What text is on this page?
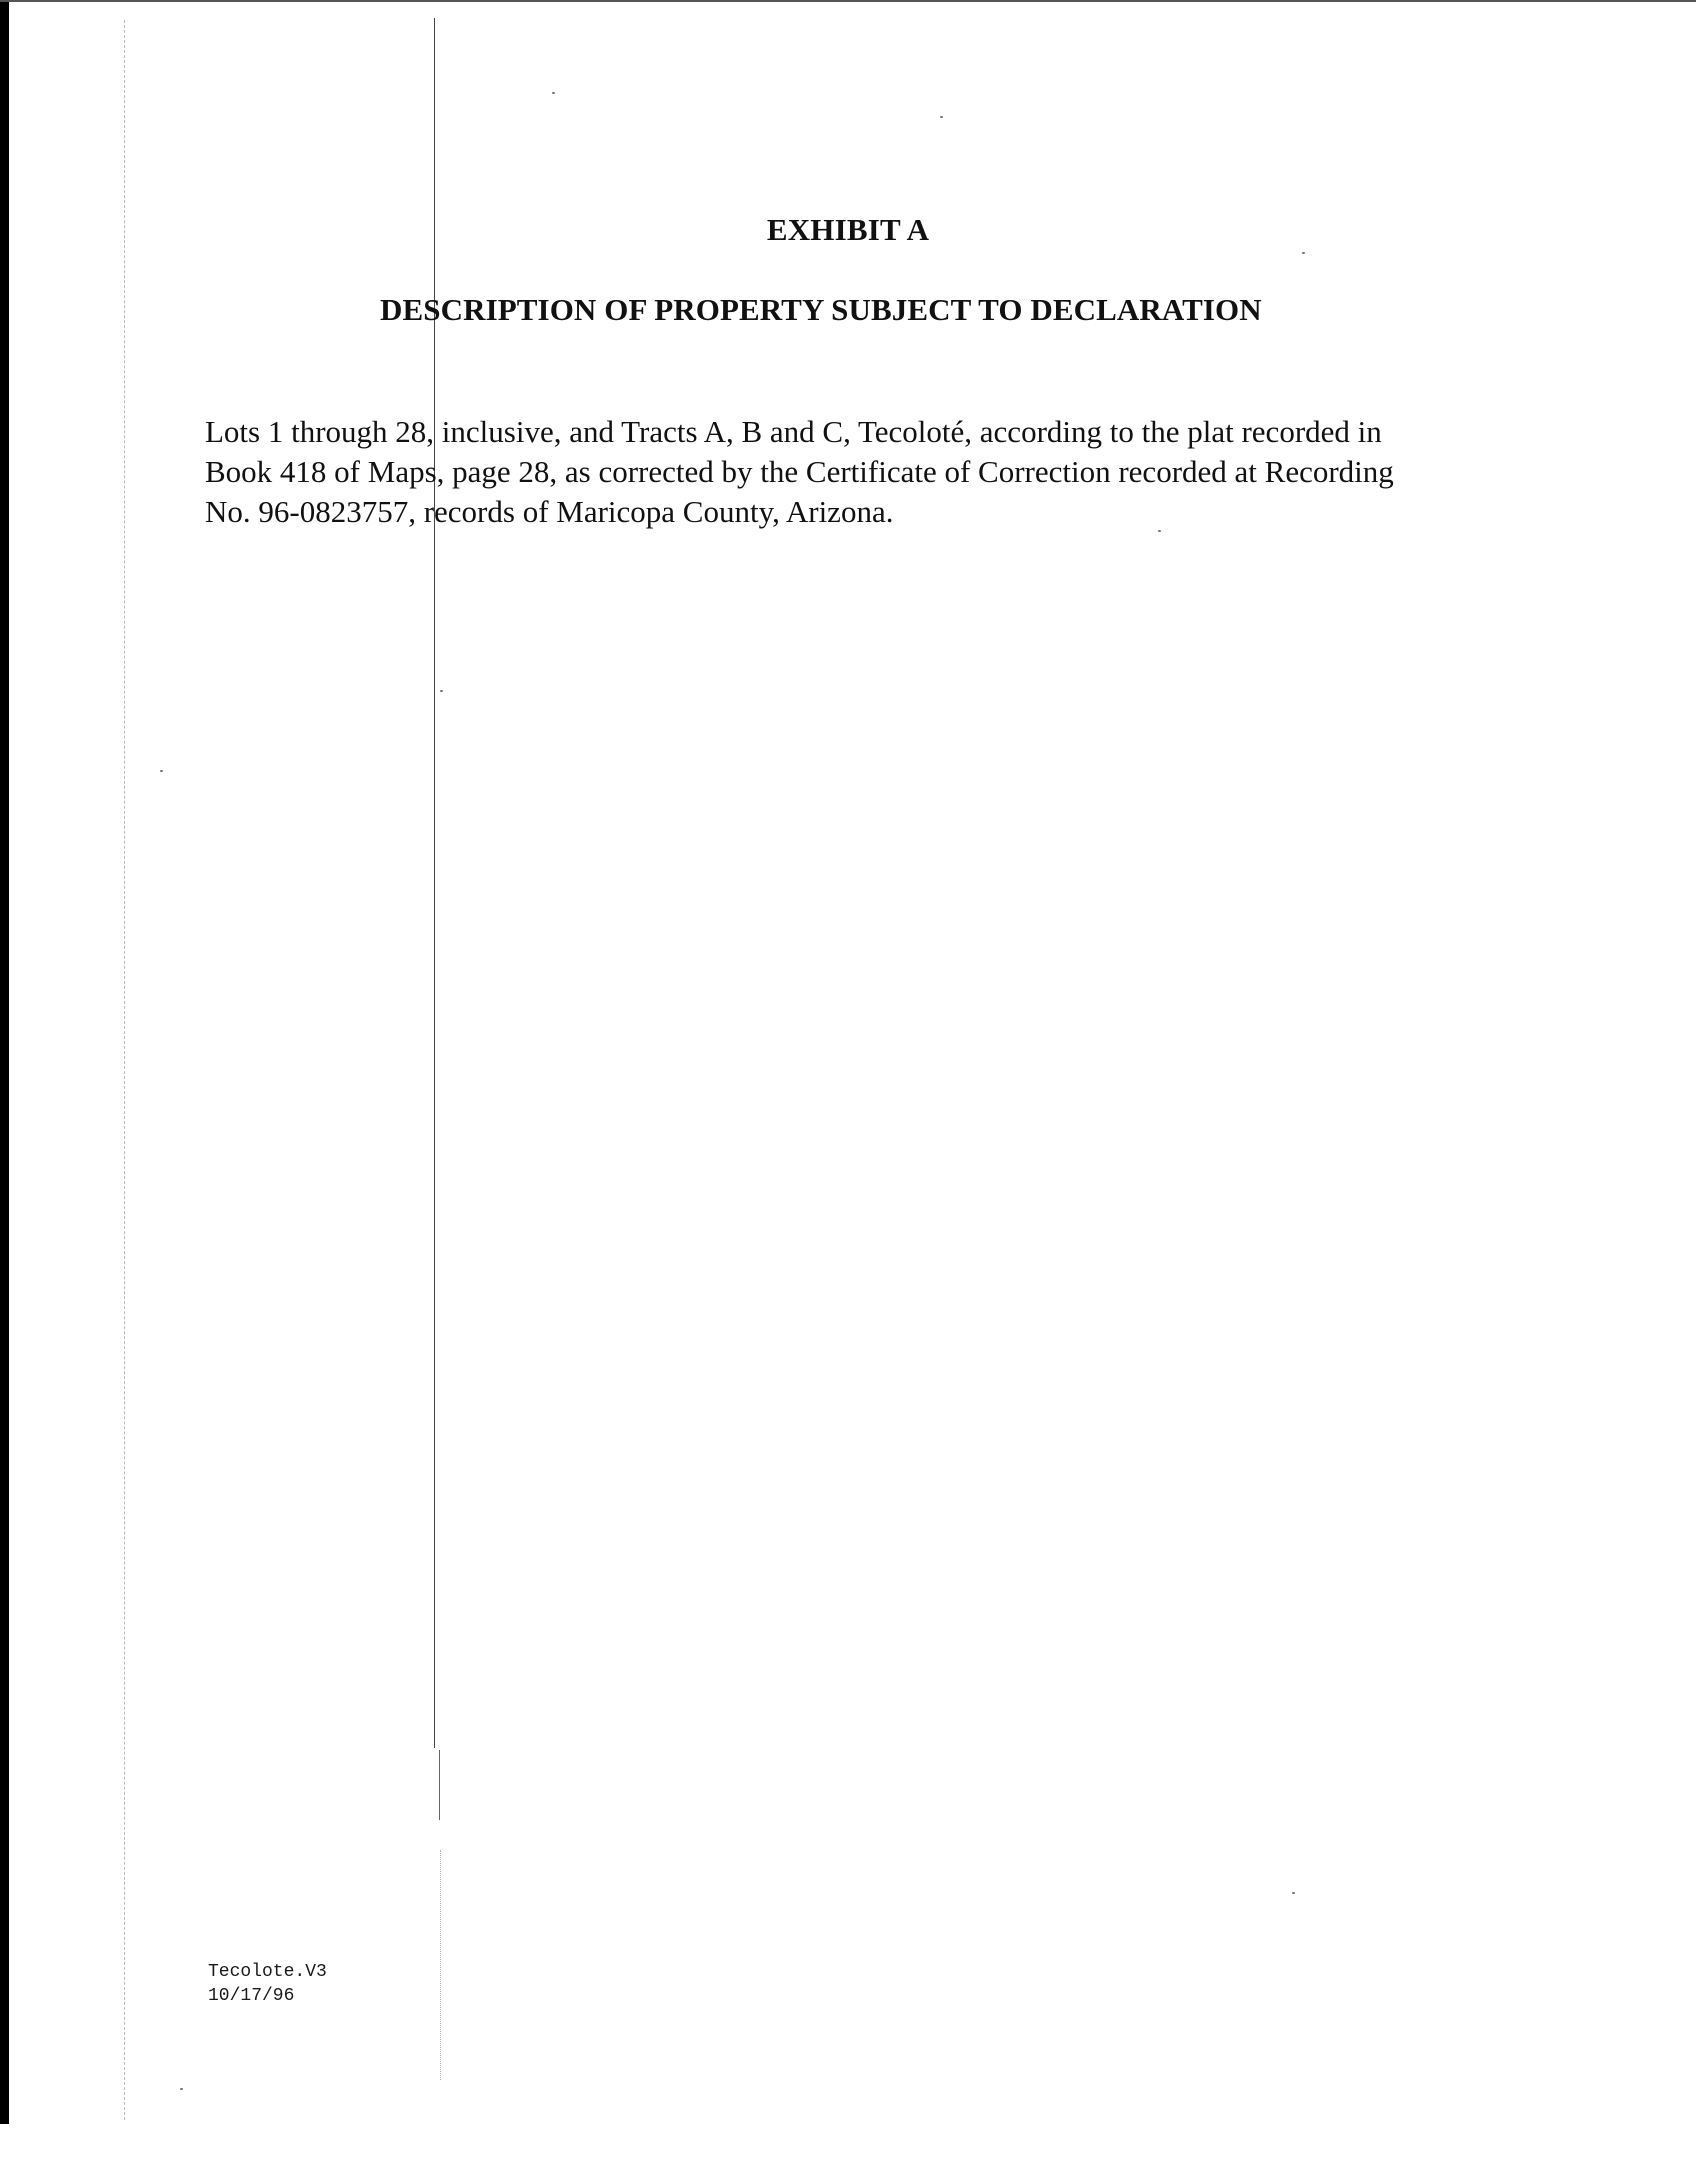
EXHIBIT A
DESCRIPTION OF PROPERTY SUBJECT TO DECLARATION
Lots 1 through 28, inclusive, and Tracts A, B and C, Tecoloté, according to the plat recorded in
Book 418 of Maps, page 28, as corrected by the Certificate of Correction recorded at Recording
No. 96-0823757, records of Maricopa County, Arizona.
Tecolote.V3
10/17/96
